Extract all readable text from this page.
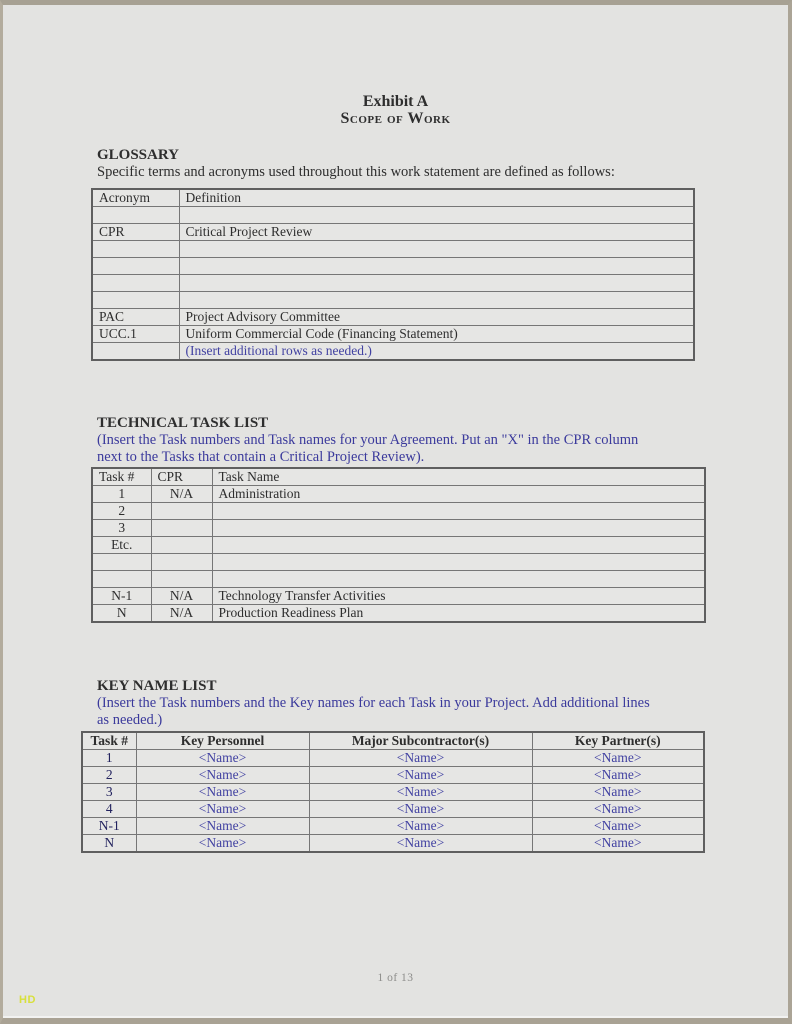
Exhibit A
Scope of Work
GLOSSARY
Specific terms and acronyms used throughout this work statement are defined as follows:
Acronym	Definition

CPR	Critical Project Review

PAC	Project Advisory Committee
UCC.1	Uniform Commercial Code (Financing Statement)
	(Insert additional rows as needed.)
TECHNICAL TASK LIST
(Insert the Task numbers and Task names for your Agreement. Put an "X" in the CPR column
next to the Tasks that contain a Critical Project Review).
Task #	CPR	Task Name
1	N/A	Administration
2		
3		
Etc.		

N-1	N/A	Technology Transfer Activities
N	N/A	Production Readiness Plan
KEY NAME LIST
(Insert the Task numbers and the Key names for each Task in your Project. Add additional lines
as needed.)
Task #	Key Personnel	Major Subcontractor(s)	Key Partner(s)
1	<Name>	<Name>	<Name>
2	<Name>	<Name>	<Name>
3	<Name>	<Name>	<Name>
4	<Name>	<Name>	<Name>
N-1	<Name>	<Name>	<Name>
N	<Name>	<Name>	<Name>
1 of 13
HD
